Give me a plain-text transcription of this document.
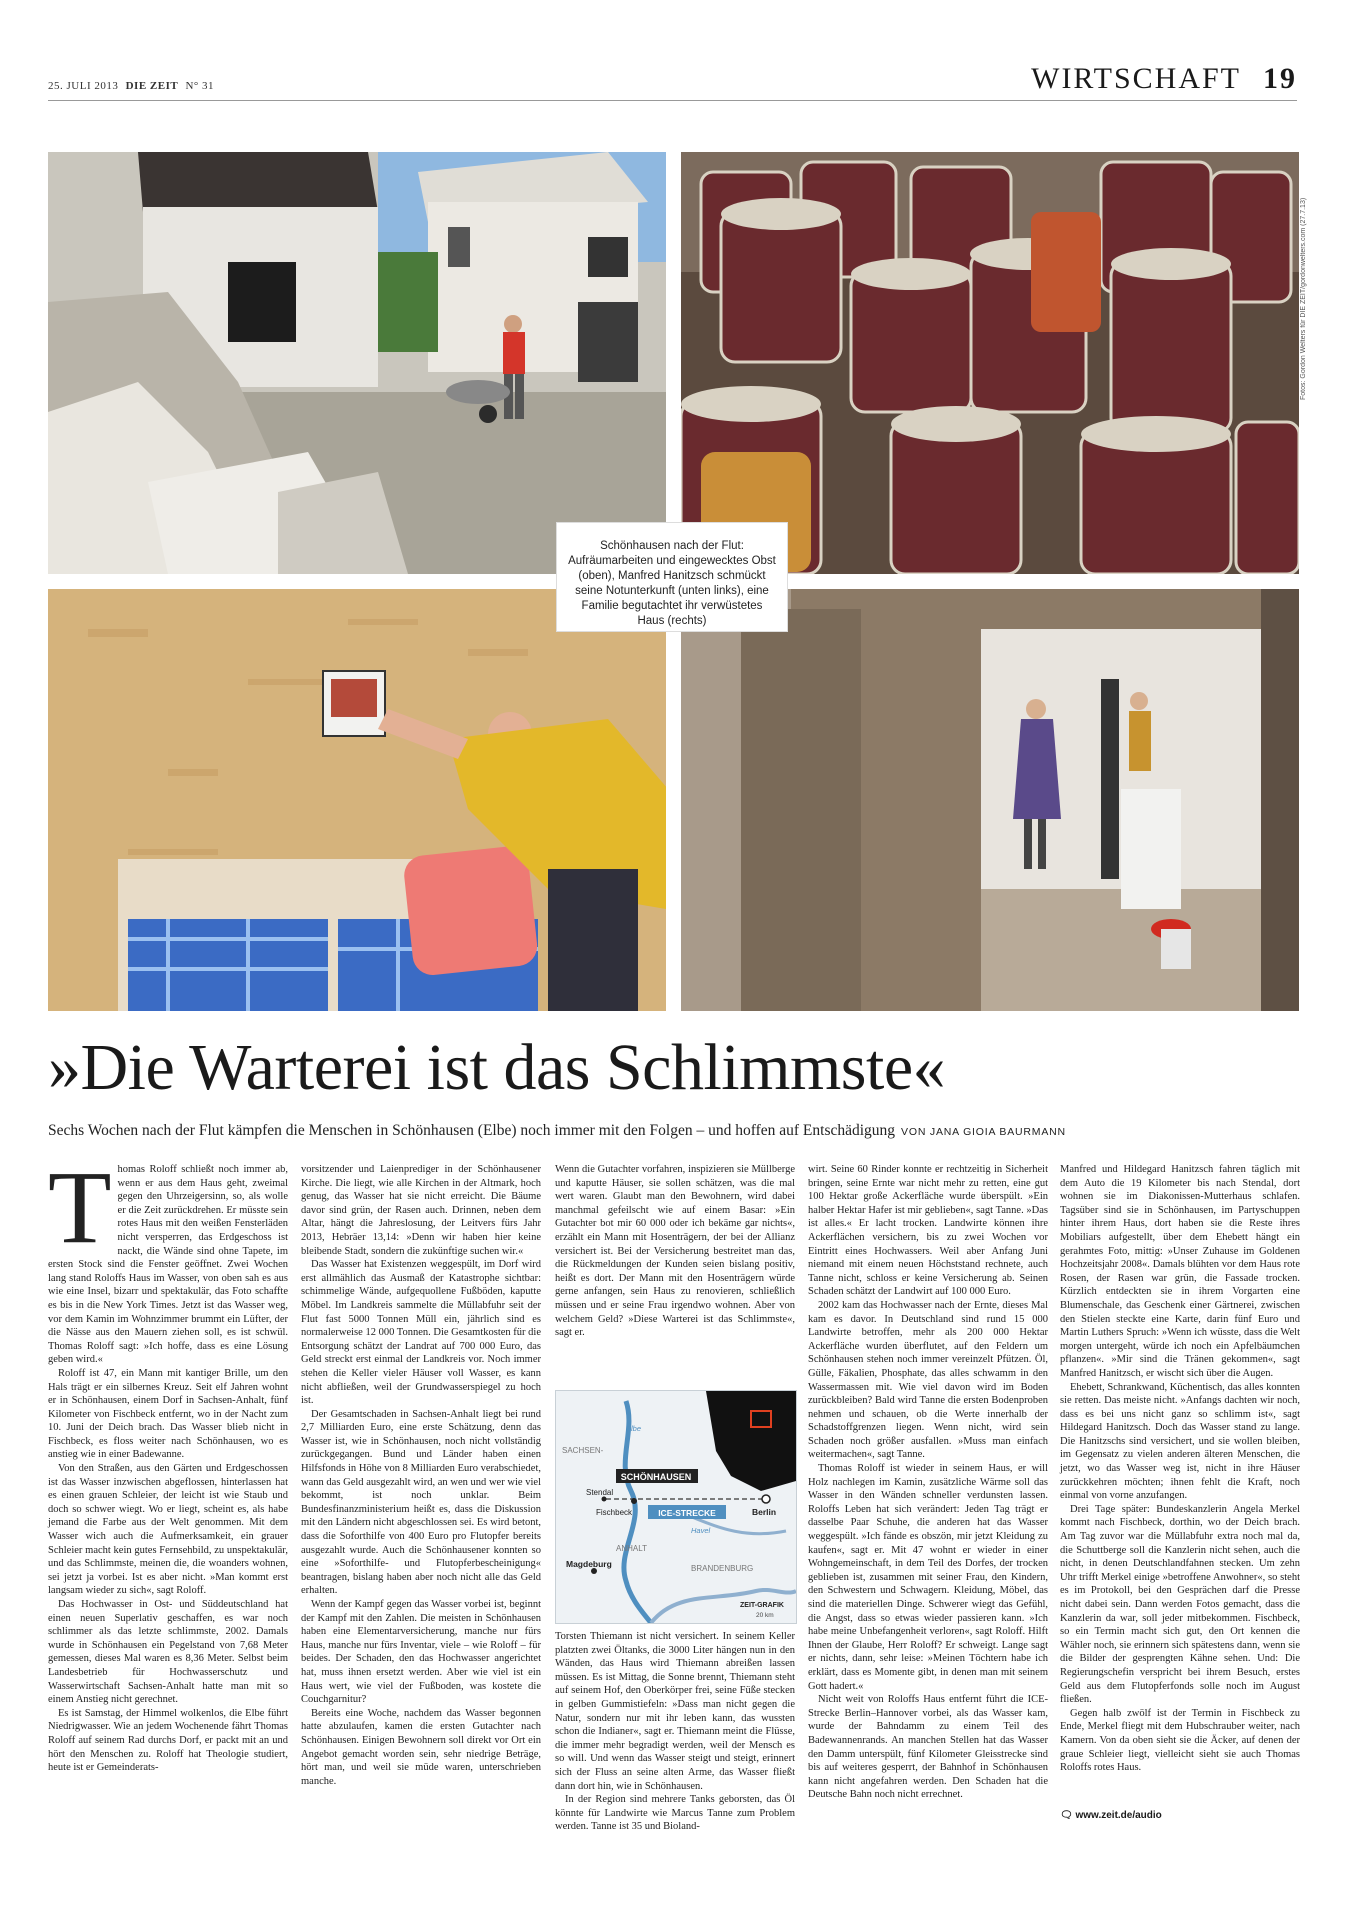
25. JULI 2013 DIE ZEIT N° 31	WIRTSCHAFT 19
Fotos: Gordon Welters für DIE ZEIT/gordonwelters.com (27.7.13)
Schönhausen nach der Flut: Aufräumarbeiten und eingewecktes Obst (oben), Manfred Hanitzsch schmückt seine Notunterkunft (unten links), eine Familie begutachtet ihr verwüstetes Haus (rechts)
»Die Warterei ist das Schlimmste«
Sechs Wochen nach der Flut kämpfen die Menschen in Schönhausen (Elbe) noch immer mit den Folgen – und hoffen auf Entschädigung VON JANA GIOIA BAURMANN

Thomas Roloff schließt noch immer ab, wenn er aus dem Haus geht, zweimal gegen den Uhrzeigersinn, so, als wolle er die Zeit zurückdrehen. Er müsste sein rotes Haus mit den weißen Fensterläden nicht versperren, das Erdgeschoss ist nackt, die Wände sind ohne Tapete, im ersten Stock sind die Fenster geöffnet. Zwei Wochen lang stand Roloffs Haus im Wasser, von oben sah es aus wie eine Insel, bizarr und spektakulär, das Foto schaffte es bis in die New York Times. Jetzt ist das Wasser weg, vor dem Kamin im Wohnzimmer brummt ein Lüfter, der die Nässe aus den Mauern ziehen soll, es ist schwül. Thomas Roloff sagt: »Ich hoffe, dass es eine Lösung geben wird.«

Roloff ist 47, ein Mann mit kantiger Brille, um den Hals trägt er ein silbernes Kreuz. Seit elf Jahren wohnt er in Schönhausen, einem Dorf in Sachsen-Anhalt, fünf Kilometer von Fischbeck entfernt, wo in der Nacht zum 10. Juni der Deich brach. Das Wasser blieb nicht in Fischbeck, es floss weiter nach Schönhausen, wo es anstieg wie in einer Badewanne.

Von den Straßen, aus den Gärten und Erdgeschossen ist das Wasser inzwischen abgeflossen, hinterlassen hat es einen grauen Schleier, der leicht ist wie Staub und doch so schwer wiegt. Wo er liegt, scheint es, als habe jemand die Farbe aus der Welt genommen. Mit dem Wasser wich auch die Aufmerksamkeit, ein grauer Schleier macht kein gutes Fernsehbild, zu unspektakulär, und das Schlimmste, meinen die, die woanders wohnen, sei jetzt ja vorbei. Ist es aber nicht. »Man kommt erst langsam wieder zu sich«, sagt Roloff.

Das Hochwasser in Ost- und Süddeutschland hat einen neuen Superlativ geschaffen, es war noch schlimmer als das letzte schlimmste, 2002. Damals wurde in Schönhausen ein Pegelstand von 7,68 Meter gemessen, dieses Mal waren es 8,36 Meter. Selbst beim Landesbetrieb für Hochwasserschutz und Wasserwirtschaft Sachsen-Anhalt hatte man mit so einem Anstieg nicht gerechnet.

Es ist Samstag, der Himmel wolkenlos, die Elbe führt Niedrigwasser. Wie an jedem Wochenende fährt Thomas Roloff auf seinem Rad durchs Dorf, er packt mit an und hört den Menschen zu. Roloff hat Theologie studiert, heute ist er Gemeinderats-

vorsitzender und Laienprediger in der Schönhausener Kirche. Die liegt, wie alle Kirchen in der Altmark, hoch genug, das Wasser hat sie nicht erreicht. Die Bäume davor sind grün, der Rasen auch. Drinnen, neben dem Altar, hängt die Jahreslosung, der Leitvers fürs Jahr 2013, Hebräer 13,14: »Denn wir haben hier keine bleibende Stadt, sondern die zukünftige suchen wir.«

Das Wasser hat Existenzen weggespült, im Dorf wird erst allmählich das Ausmaß der Katastrophe sichtbar: schimmelige Wände, aufgequollene Fußböden, kaputte Möbel. Im Landkreis sammelte die Müllabfuhr seit der Flut fast 5000 Tonnen Müll ein, jährlich sind es normalerweise 12 000 Tonnen. Die Gesamtkosten für die Entsorgung schätzt der Landrat auf 700 000 Euro, das Geld streckt erst einmal der Landkreis vor. Noch immer stehen die Keller vieler Häuser voll Wasser, es kann nicht abfließen, weil der Grundwasserspiegel zu hoch ist.

Der Gesamtschaden in Sachsen-Anhalt liegt bei rund 2,7 Milliarden Euro, eine erste Schätzung, denn das Wasser ist, wie in Schönhausen, noch nicht vollständig zurückgegangen. Bund und Länder haben einen Hilfsfonds in Höhe von 8 Milliarden Euro verabschiedet, wann das Geld ausgezahlt wird, an wen und wer wie viel bekommt, ist noch unklar. Beim Bundesfinanzministerium heißt es, dass die Diskussion mit den Ländern nicht abgeschlossen sei. Es wird betont, dass die Soforthilfe von 400 Euro pro Flutopfer bereits ausgezahlt wurde. Auch die Schönhausener konnten so eine »Soforthilfe- und Flutopferbescheinigung« beantragen, bislang haben aber noch nicht alle das Geld erhalten.

Wenn der Kampf gegen das Wasser vorbei ist, beginnt der Kampf mit den Zahlen. Die meisten in Schönhausen haben eine Elementarversicherung, manche nur fürs Haus, manche nur fürs Inventar, viele – wie Roloff – für beides. Der Schaden, den das Hochwasser angerichtet hat, muss ihnen ersetzt werden. Aber wie viel ist ein Haus wert, wie viel der Fußboden, was kostete die Couchgarnitur?

Bereits eine Woche, nachdem das Wasser begonnen hatte abzulaufen, kamen die ersten Gutachter nach Schönhausen. Einigen Bewohnern soll direkt vor Ort ein Angebot gemacht worden sein, sehr niedrige Beträge, hört man, und weil sie müde waren, unterschrieben manche.

Wenn die Gutachter vorfahren, inspizieren sie Müllberge und kaputte Häuser, sie sollen schätzen, was die mal wert waren. Glaubt man den Bewohnern, wird dabei manchmal gefeilscht wie auf einem Basar: »Ein Gutachter bot mir 60 000 oder ich bekäme gar nichts«, erzählt ein Mann mit Hosenträgern, der bei der Allianz versichert ist. Bei der Versicherung bestreitet man das, die Rückmeldungen der Kunden seien bislang positiv, heißt es dort. Der Mann mit den Hosenträgern würde gerne anfangen, sein Haus zu renovieren, schließlich müssen und er seine Frau irgendwo wohnen. Aber von welchem Geld? »Diese Warterei ist das Schlimmste«, sagt er.

SCHÖNHAUSEN
ICE-STRECKE
SACHSEN-
ANHALT
BRANDENBURG
Stendal
Fischbeck	Berlin
Magdeburg
Elbe
Havel
ZEIT-GRAFIK
20 km

Torsten Thiemann ist nicht versichert. In seinem Keller platzten zwei Öltanks, die 3000 Liter hängen nun in den Wänden, das Haus wird Thiemann abreißen lassen müssen. Es ist Mittag, die Sonne brennt, Thiemann steht auf seinem Hof, den Oberkörper frei, seine Füße stecken in gelben Gummistiefeln: »Dass man nicht gegen die Natur, sondern nur mit ihr leben kann, das wussten schon die Indianer«, sagt er. Thiemann meint die Flüsse, die immer mehr begradigt werden, weil der Mensch es so will. Und wenn das Wasser steigt und steigt, erinnert sich der Fluss an seine alten Arme, das Wasser fließt dann dort hin, wie in Schönhausen.

In der Region sind mehrere Tanks geborsten, das Öl könnte für Landwirte wie Marcus Tanne zum Problem werden. Tanne ist 35 und Bioland-

wirt. Seine 60 Rinder konnte er rechtzeitig in Sicherheit bringen, seine Ernte war nicht mehr zu retten, eine gut 100 Hektar große Ackerfläche wurde überspült. »Ein halber Hektar Hafer ist mir geblieben«, sagt Tanne. »Das ist alles.« Er lacht trocken. Landwirte können ihre Ackerflächen versichern, bis zu zwei Wochen vor Eintritt eines Hochwassers. Weil aber Anfang Juni niemand mit einem neuen Höchststand rechnete, auch Tanne nicht, schloss er keine Versicherung ab. Seinen Schaden schätzt der Landwirt auf 100 000 Euro.

2002 kam das Hochwasser nach der Ernte, dieses Mal kam es davor. In Deutschland sind rund 15 000 Landwirte betroffen, mehr als 200 000 Hektar Ackerfläche wurden überflutet, auf den Feldern um Schönhausen stehen noch immer vereinzelt Pfützen. Öl, Gülle, Fäkalien, Phosphate, das alles schwamm in den Wassermassen mit. Wie viel davon wird im Boden zurückbleiben? Bald wird Tanne die ersten Bodenproben nehmen und schauen, ob die Werte innerhalb der Schadstoffgrenzen liegen. Wenn nicht, wird sein Schaden noch größer ausfallen. »Muss man einfach weitermachen«, sagt Tanne.

Thomas Roloff ist wieder in seinem Haus, er will Holz nachlegen im Kamin, zusätzliche Wärme soll das Wasser in den Wänden schneller verdunsten lassen. Roloffs Leben hat sich verändert: Jeden Tag trägt er dasselbe Paar Schuhe, die anderen hat das Wasser weggespült. »Ich fände es obszön, mir jetzt Kleidung zu kaufen«, sagt er. Mit 47 wohnt er wieder in einer Wohngemeinschaft, in dem Teil des Dorfes, der trocken geblieben ist, zusammen mit seiner Frau, den Kindern, den Schwestern und Schwagern. Kleidung, Möbel, das sind die materiellen Dinge. Schwerer wiegt das Gefühl, die Angst, dass so etwas wieder passieren kann. »Ich habe meine Unbefangenheit verloren«, sagt Roloff. Hilft Ihnen der Glaube, Herr Roloff? Er schweigt. Lange sagt er nichts, dann, sehr leise: »Meinen Töchtern habe ich erklärt, dass es Momente gibt, in denen man mit seinem Gott hadert.«

Nicht weit von Roloffs Haus entfernt führt die ICE-Strecke Berlin–Hannover vorbei, als das Wasser kam, wurde der Bahndamm zu einem Teil des Badewannenrands. An manchen Stellen hat das Wasser den Damm unterspült, fünf Kilometer Gleisstrecke sind bis auf weiteres gesperrt, der Bahnhof in Schönhausen kann nicht angefahren werden. Den Schaden hat die Deutsche Bahn noch nicht errechnet.

Manfred und Hildegard Hanitzsch fahren täglich mit dem Auto die 19 Kilometer bis nach Stendal, dort wohnen sie im Diakonissen-Mutterhaus schlafen. Tagsüber sind sie in Schönhausen, im Partyschuppen hinter ihrem Haus, dort haben sie die Reste ihres Mobiliars aufgestellt, über dem Ehebett hängt ein gerahmtes Foto, mittig: »Unser Zuhause im Goldenen Hochzeitsjahr 2008«. Damals blühten vor dem Haus rote Rosen, der Rasen war grün, die Fassade trocken. Kürzlich entdeckten sie in ihrem Vorgarten eine Blumenschale, das Geschenk einer Gärtnerei, zwischen den Stielen steckte eine Karte, darin fünf Euro und Martin Luthers Spruch: »Wenn ich wüsste, dass die Welt morgen untergeht, würde ich noch ein Apfelbäumchen pflanzen«. »Mir sind die Tränen gekommen«, sagt Manfred Hanitzsch, er wischt sich über die Augen.

Ehebett, Schrankwand, Küchentisch, das alles konnten sie retten. Das meiste nicht. »Anfangs dachten wir noch, dass es bei uns nicht ganz so schlimm ist«, sagt Hildegard Hanitzsch. Doch das Wasser stand zu lange. Die Hanitzschs sind versichert, und sie wollen bleiben, im Gegensatz zu vielen anderen älteren Menschen, die jetzt, wo das Wasser weg ist, nicht in ihre Häuser zurückkehren möchten; ihnen fehlt die Kraft, noch einmal von vorne anzufangen.

Drei Tage später: Bundeskanzlerin Angela Merkel kommt nach Fischbeck, dorthin, wo der Deich brach. Am Tag zuvor war die Müllabfuhr extra noch mal da, die Schuttberge soll die Kanzlerin nicht sehen, auch die nicht, in denen Deutschlandfahnen stecken. Um zehn Uhr trifft Merkel einige »betroffene Anwohner«, so steht es im Protokoll, bei den Gesprächen darf die Presse nicht dabei sein. Dann werden Fotos gemacht, dass die Kanzlerin da war, soll jeder mitbekommen. Fischbeck, so ein Termin macht sich gut, den Ort kennen die Wähler noch, sie erinnern sich spätestens dann, wenn sie die Bilder der gesprengten Kähne sehen. Und: Die Regierungschefin verspricht bei ihrem Besuch, erstes Geld aus dem Flutopferfonds solle noch im August fließen.

Gegen halb zwölf ist der Termin in Fischbeck zu Ende, Merkel fliegt mit dem Hubschrauber weiter, nach Kamern. Von da oben sieht sie die Äcker, auf denen der graue Schleier liegt, vielleicht sieht sie auch Thomas Roloffs rotes Haus.

🗨 www.zeit.de/audio
